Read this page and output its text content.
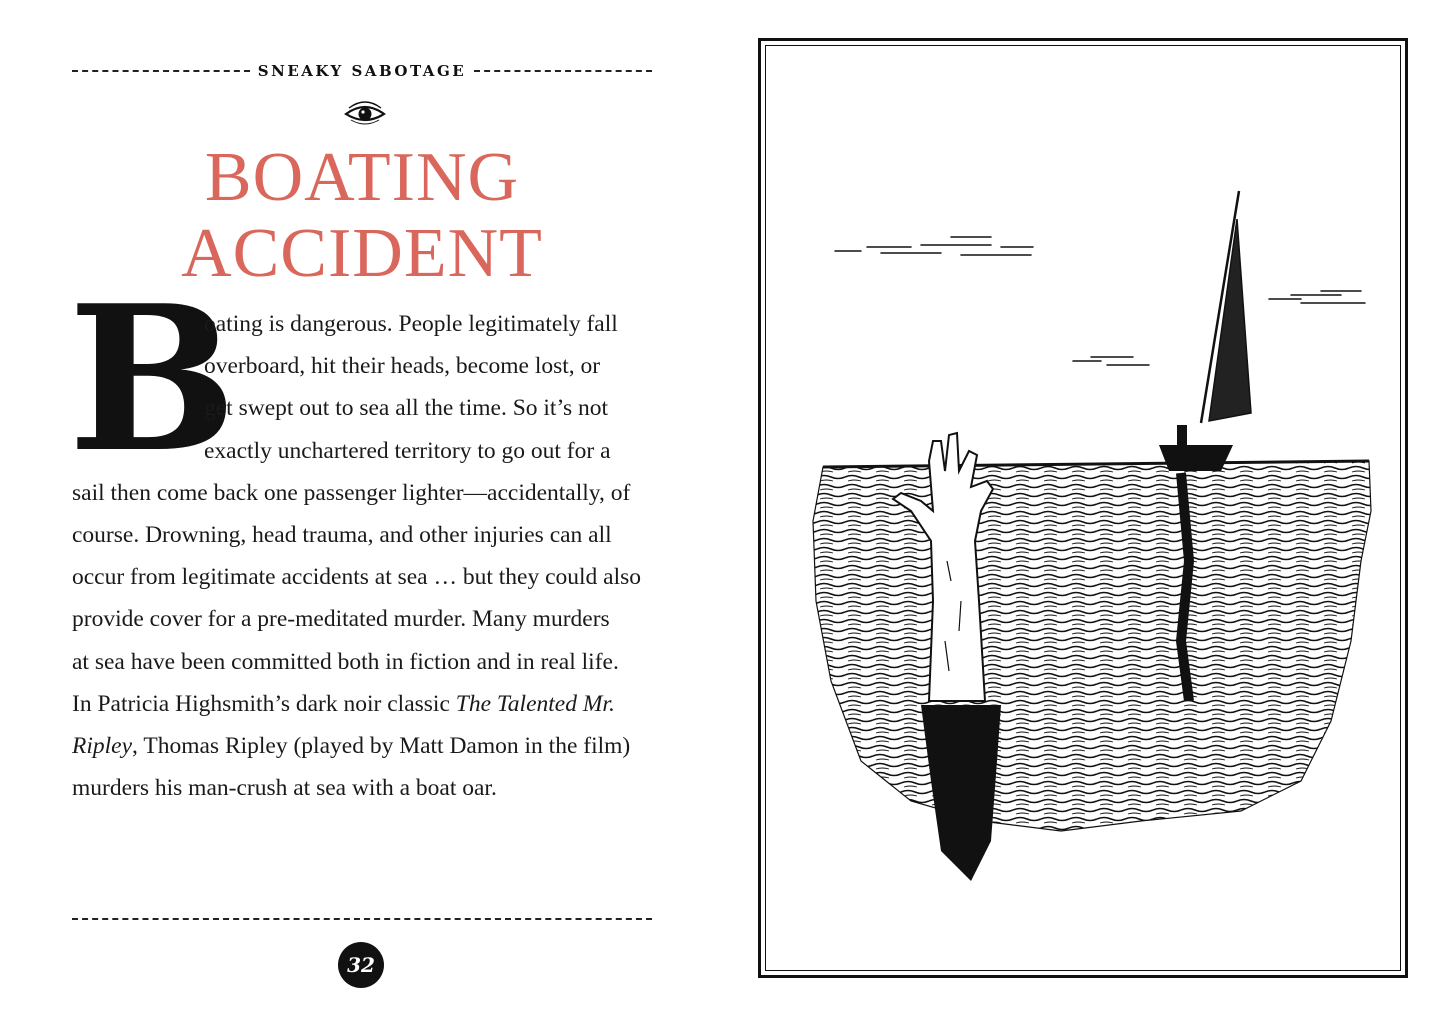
SNEAKY SABOTAGE
BOATING
ACCIDENT
B
oating is dangerous. People legitimately fall
overboard, hit their heads, become lost, or
get swept out to sea all the time. So it’s not
exactly unchartered territory to go out for a
sail then come back one passenger lighter—accidentally, of
course. Drowning, head trauma, and other injuries can all
occur from legitimate accidents at sea … but they could also
provide cover for a pre-meditated murder. Many murders
at sea have been committed both in fiction and in real life.
In Patricia Highsmith’s dark noir classic The Talented Mr.
Ripley, Thomas Ripley (played by Matt Damon in the film)
murders his man-crush at sea with a boat oar.
32
